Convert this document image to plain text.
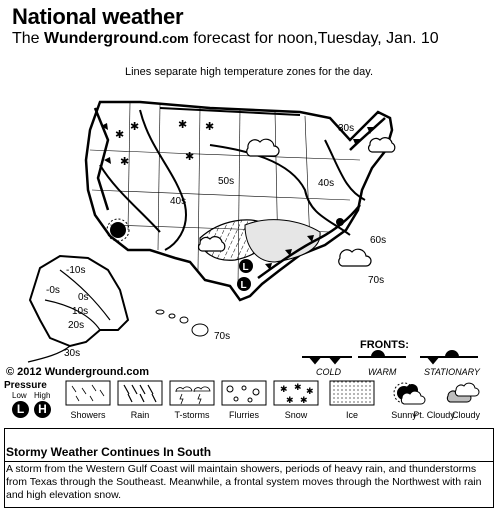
National weather
The Wunderground.com forecast for noon,Tuesday, Jan. 10
Lines separate high temperature zones for the day.
✱
✱	✱ ✱
✱	✱
L
L
30s
50s
40s
40s
60s
70s
-10s
-0s
0s
10s
20s
30s
70s
© 2012 Wunderground.com
FRONTS:
COLD	WARM	STATIONARY
Pressure
Low High
L	H
✱ ✱ ✱
✱ ✱
Showers	Rain	T-storms	Flurries	Snow	Ice	Sunny
Pt. Cloudy
Cloudy
Stormy Weather Continues In South
A storm from the Western Gulf Coast will maintain showers, periods of heavy rain, and thunderstorms from Texas through the Southeast. Meanwhile, a frontal system moves through the Northwest with rain and high elevation snow.
